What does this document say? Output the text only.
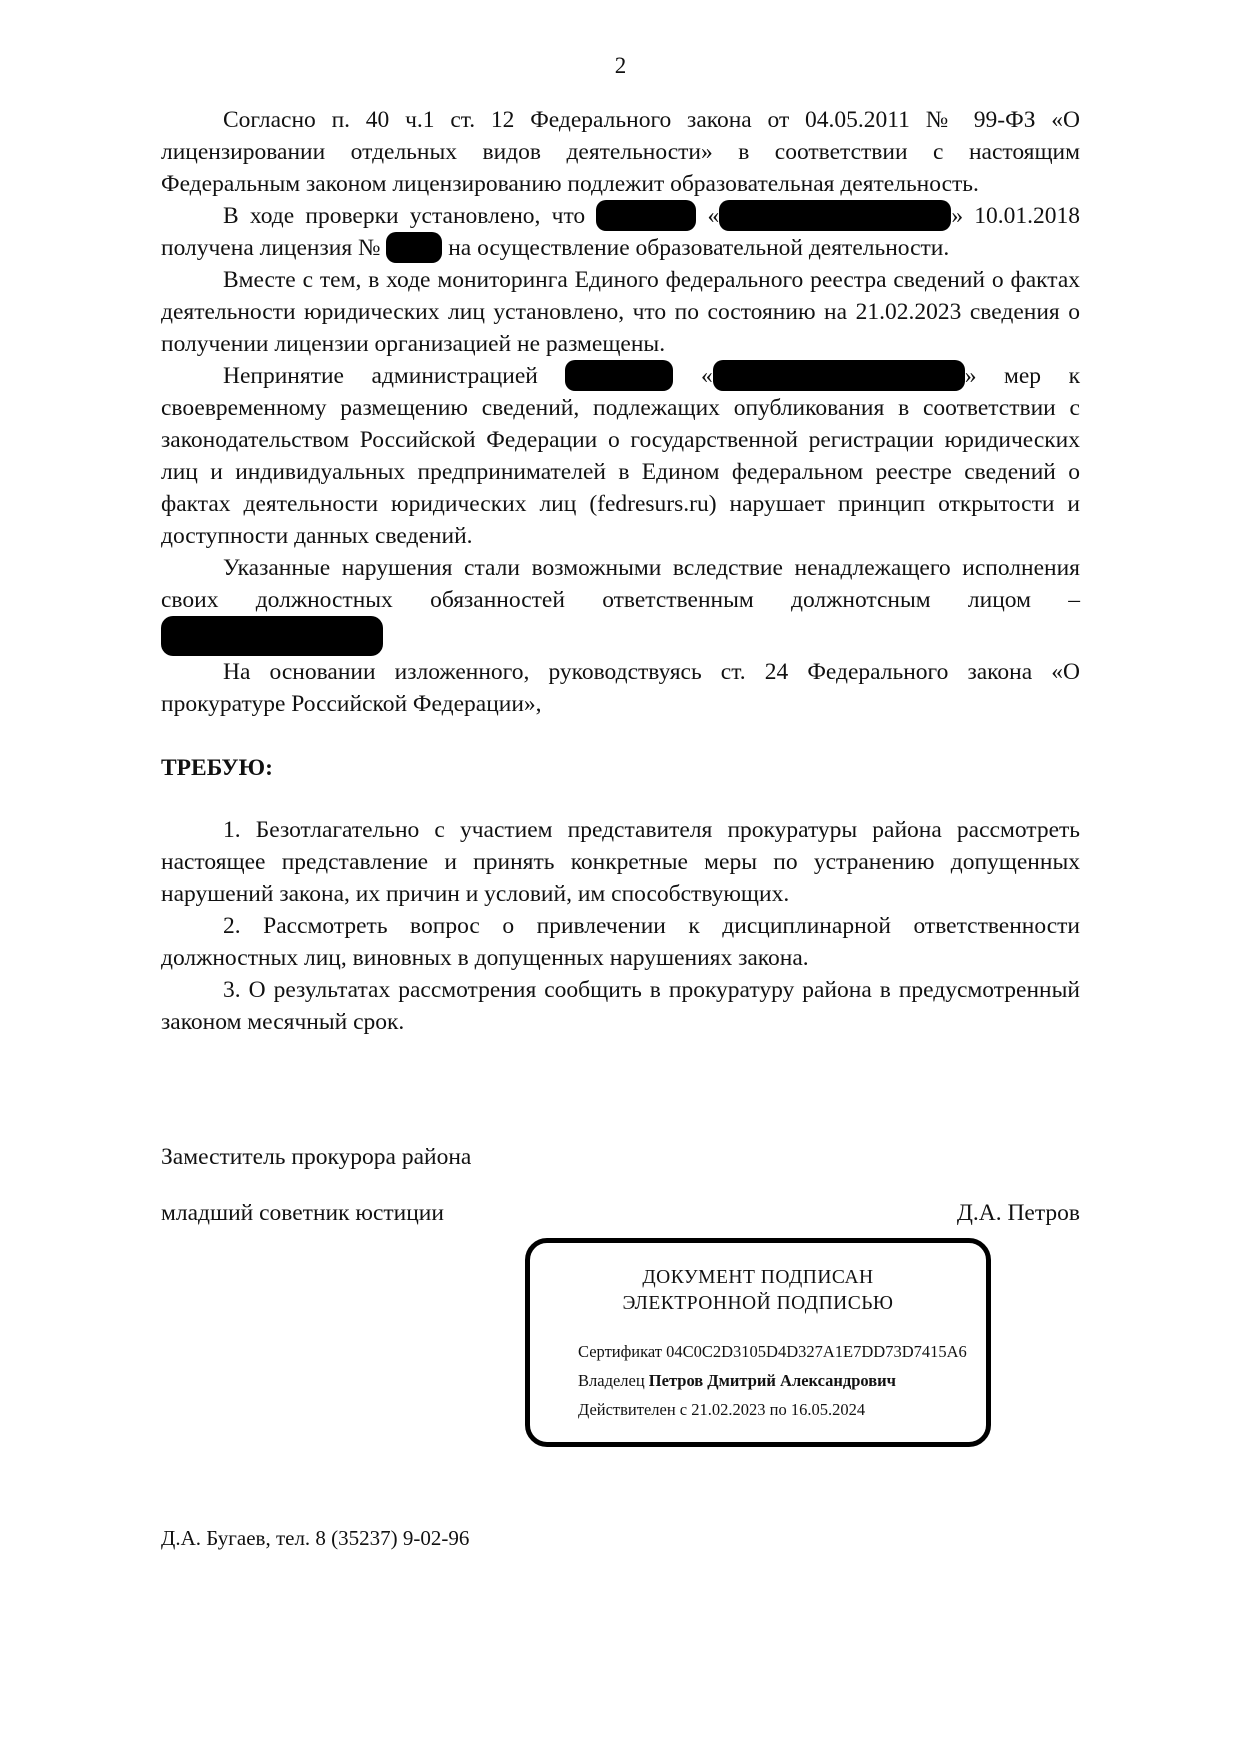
2

Согласно п. 40 ч.1 ст. 12 Федерального закона от 04.05.2011 № 99-ФЗ «О лицензировании отдельных видов деятельности» в соответствии с настоящим Федеральным законом лицензированию подлежит образовательная деятельность.

В ходе проверки установлено, что	«	» 10.01.2018 получена лицензия №  на осуществление образовательной деятельности.

Вместе с тем, в ходе мониторинга Единого федерального реестра сведений о фактах деятельности юридических лиц установлено, что по состоянию на 21.02.2023 сведения о получении лицензии организацией не размещены.

Непринятие администрацией	«	» мер к своевременному размещению сведений, подлежащих опубликования в соответствии с законодательством Российской Федерации о государственной регистрации юридических лиц и индивидуальных предпринимателей в Едином федеральном реестре сведений о фактах деятельности юридических лиц (fedresurs.ru) нарушает принцип открытости и доступности данных сведений.

Указанные нарушения стали возможными вследствие ненадлежащего исполнения своих должностных обязанностей ответственным должнотсным лицом –

На основании изложенного, руководствуясь ст. 24 Федерального закона «О прокуратуре Российской Федерации»,

ТРЕБУЮ:

1. Безотлагательно с участием представителя прокуратуры района рассмотреть настоящее представление и принять конкретные меры по устранению допущенных нарушений закона, их причин и условий, им способствующих.

2. Рассмотреть вопрос о привлечении к дисциплинарной ответственности должностных лиц, виновных в допущенных нарушениях закона.

3. О результатах рассмотрения сообщить в прокуратуру района в предусмотренный законом месячный срок.

Заместитель прокурора района
младший советник юстиции	Д.А. Петров
ДОКУМЕНТ ПОДПИСАН
ЭЛЕКТРОННОЙ ПОДПИСЬЮ
Сертификат 04C0C2D3105D4D327A1E7DD73D7415A6
Владелец Петров Дмитрий Александрович
Действителен с 21.02.2023 по 16.05.2024
Д.А. Бугаев, тел. 8 (35237) 9-02-96
